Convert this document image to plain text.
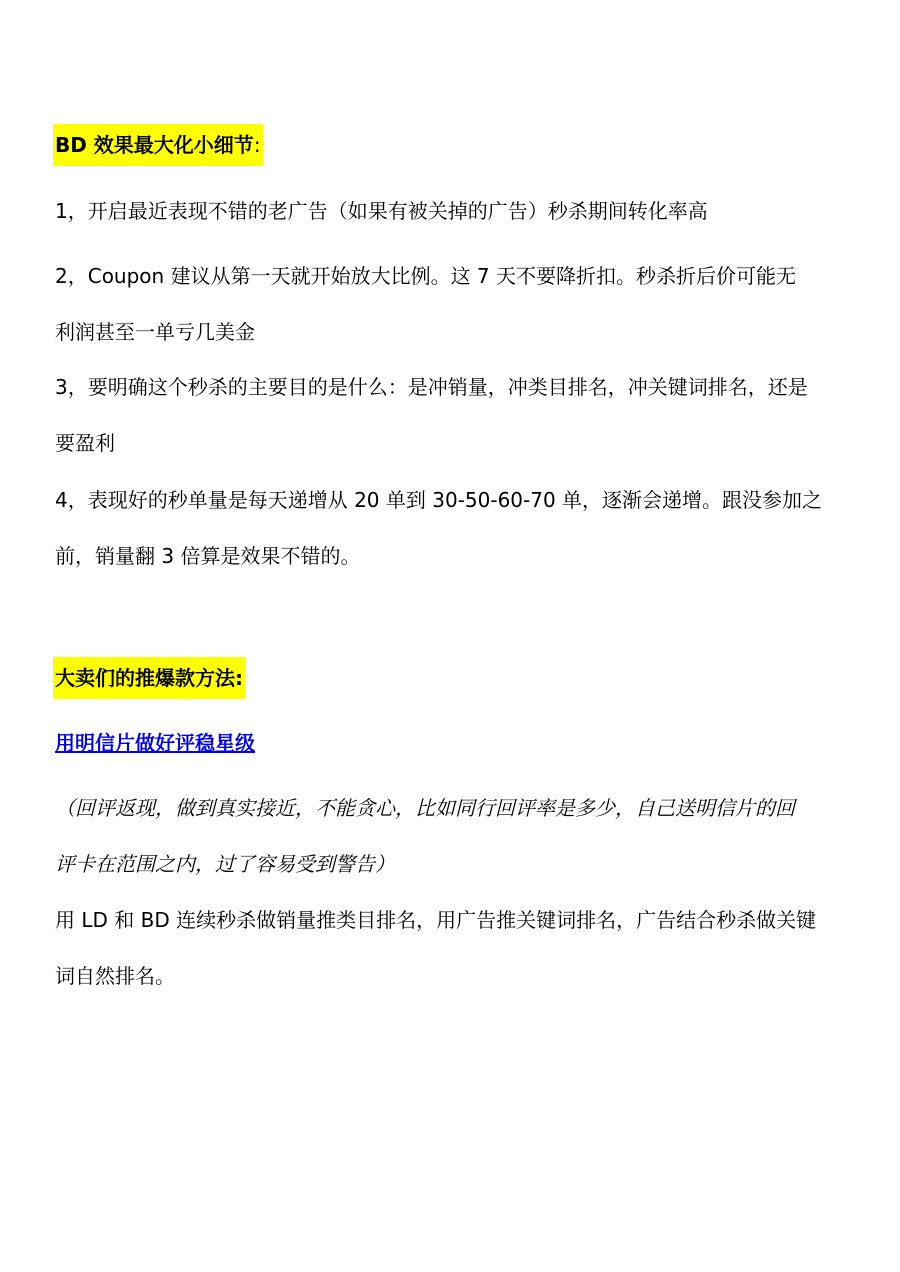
BD 效果最大化小细节:
1，开启最近表现不错的老广告（如果有被关掉的广告）秒杀期间转化率高
2，Coupon 建议从第一天就开始放大比例。这 7 天不要降折扣。秒杀折后价可能无
利润甚至一单亏几美金
3，要明确这个秒杀的主要目的是什么：是冲销量，冲类目排名，冲关键词排名，还是
要盈利
4，表现好的秒单量是每天递增从 20 单到 30-50-60-70 单，逐渐会递增。跟没参加之
前，销量翻 3 倍算是效果不错的。
大卖们的推爆款方法:
用明信片做好评稳星级
（回评返现，做到真实接近，不能贪心，比如同行回评率是多少，自己送明信片的回
评卡在范围之内，过了容易受到警告）
用 LD 和 BD 连续秒杀做销量推类目排名，用广告推关键词排名，广告结合秒杀做关键
词自然排名。
